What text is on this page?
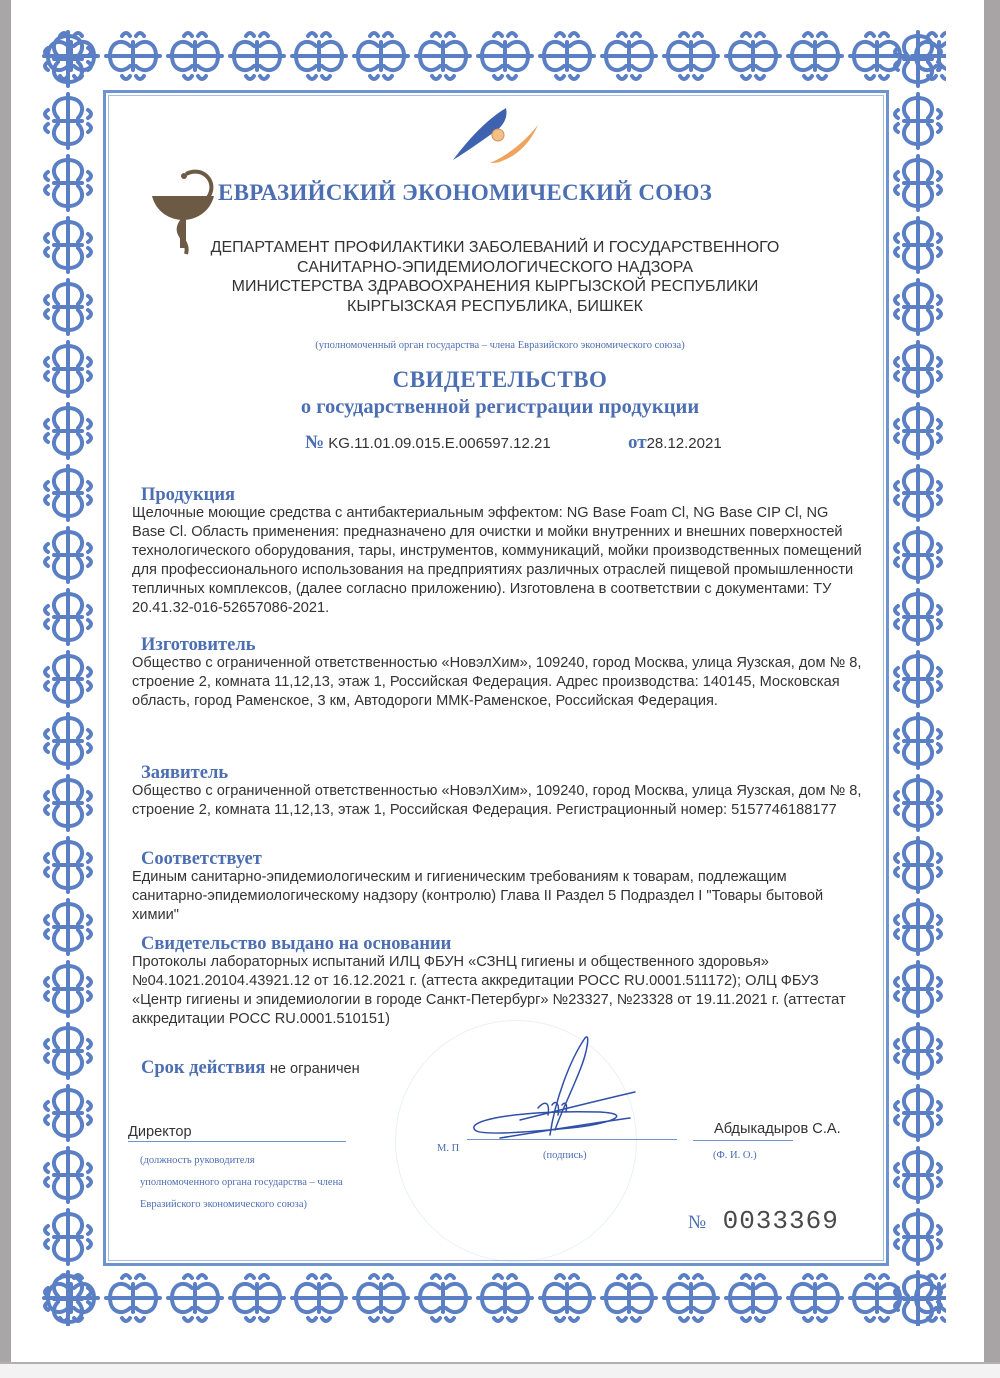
ЕВРАЗИЙСКИЙ ЭКОНОМИЧЕСКИЙ СОЮЗ
ДЕПАРТАМЕНТ ПРОФИЛАКТИКИ ЗАБОЛЕВАНИЙ И ГОСУДАРСТВЕННОГО
САНИТАРНО-ЭПИДЕМИОЛОГИЧЕСКОГО НАДЗОРА
МИНИСТЕРСТВА ЗДРАВООХРАНЕНИЯ КЫРГЫЗСКОЙ РЕСПУБЛИКИ
КЫРГЫЗСКАЯ РЕСПУБЛИКА, БИШКЕК
(уполномоченный орган государства – члена Евразийского экономического союза)
СВИДЕТЕЛЬСТВО
о государственной регистрации продукции
№ KG.11.01.09.015.E.006597.12.21	от28.12.2021
Продукция

Щелочные моющие средства с антибактериальным эффектом: NG Base Foam Cl, NG Base CIP Cl, NG Base Cl. Область применения: предназначено для очистки и мойки внутренних и внешних поверхностей технологического оборудования, тары, инструментов, коммуникаций, мойки производственных помещений для профессионального использования на предприятиях различных отраслей пищевой промышленности тепличных комплексов, (далее согласно приложению). Изготовлена в соответствии с документами: ТУ 20.41.32-016-52657086-2021.

Изготовитель

Общество с ограниченной ответственностью «НовэлХим», 109240, город Москва, улица Яузская, дом № 8, строение 2, комната 11,12,13, этаж 1, Российская Федерация. Адрес производства: 140145, Московская область, город Раменское, 3 км, Автодороги ММК-Раменское, Российская Федерация.

Заявитель

Общество с ограниченной ответственностью «НовэлХим», 109240, город Москва, улица Яузская, дом № 8, строение 2, комната 11,12,13, этаж 1, Российская Федерация. Регистрационный номер: 5157746188177

Соответствует

Единым санитарно-эпидемиологическим и гигиеническим требованиям к товарам, подлежащим санитарно-эпидемиологическому надзору (контролю) Глава II Раздел 5 Подраздел I "Товары бытовой химии"

Свидетельство выдано на основании

Протоколы лабораторных испытаний ИЛЦ ФБУН «СЗНЦ гигиены и общественного здоровья» №04.1021.20104.43921.12 от 16.12.2021 г. (аттеста аккредитации РОСС RU.0001.511172); ОЛЦ ФБУЗ «Центр гигиены и эпидемиологии в городе Санкт-Петербург» №23327, №23328 от 19.11.2021 г. (аттестат аккредитации РОСС RU.0001.510151)

Срок действия не ограничен
Директор
(должность руководителя
уполномоченного органа государства – члена
Евразийского экономического союза)
М. П
(подпись)
Абдыкадыров С.А.
(Ф. И. О.)
№ 0033369
